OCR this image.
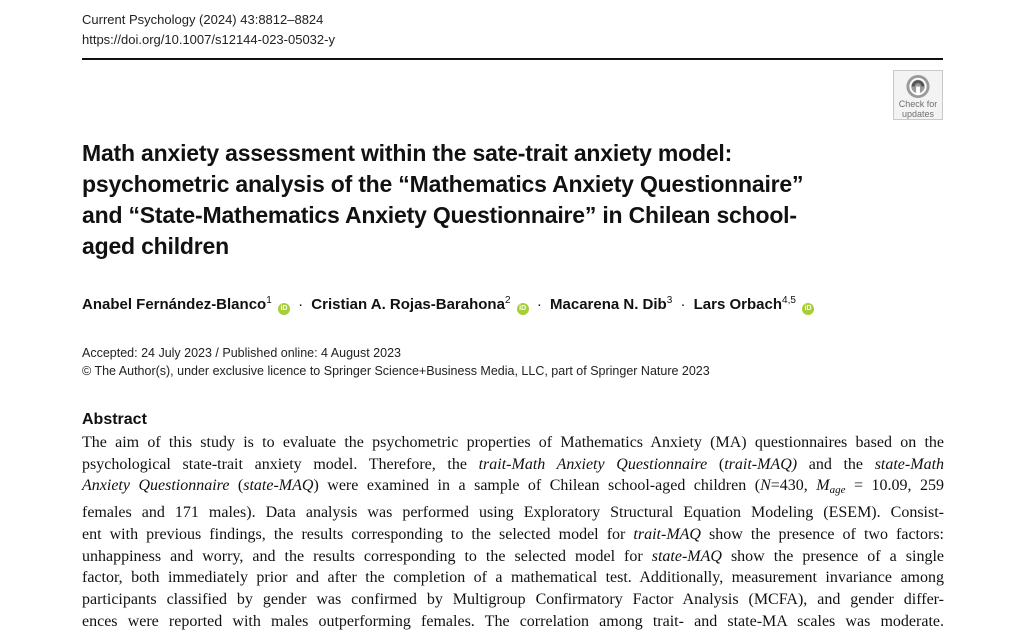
Current Psychology (2024) 43:8812–8824
https://doi.org/10.1007/s12144-023-05032-y
Check for
updates
Math anxiety assessment within the sate-trait anxiety model:
psychometric analysis of the “Mathematics Anxiety Questionnaire”
and “State-Mathematics Anxiety Questionnaire” in Chilean school-
aged children
Anabel Fernández-Blanco$^1$ iD · Cristian A. Rojas-Barahona$^2$ iD · Macarena N. Dib$^3$ · Lars Orbach$^{4,5}$ iD
Accepted: 24 July 2023 / Published online: 4 August 2023
© The Author(s), under exclusive licence to Springer Science+Business Media, LLC, part of Springer Nature 2023
Abstract
The aim of this study is to evaluate the psychometric properties of Mathematics Anxiety (MA) questionnaires based on the
psychological state-trait anxiety model. Therefore, the trait-Math Anxiety Questionnaire (trait-MAQ) and the state-Math
Anxiety Questionnaire (state-MAQ) were examined in a sample of Chilean school-aged children (N=430, $M_{age} = 10.09$, 259
females and 171 males). Data analysis was performed using Exploratory Structural Equation Modeling (ESEM). Consist-
ent with previous findings, the results corresponding to the selected model for trait-MAQ show the presence of two factors:
unhappiness and worry, and the results corresponding to the selected model for state-MAQ show the presence of a single
factor, both immediately prior and after the completion of a mathematical test. Additionally, measurement invariance among
participants classified by gender was confirmed by Multigroup Confirmatory Factor Analysis (MCFA), and gender differ-
ences were reported with males outperforming females. The correlation among trait- and state-MA scales was moderate.
